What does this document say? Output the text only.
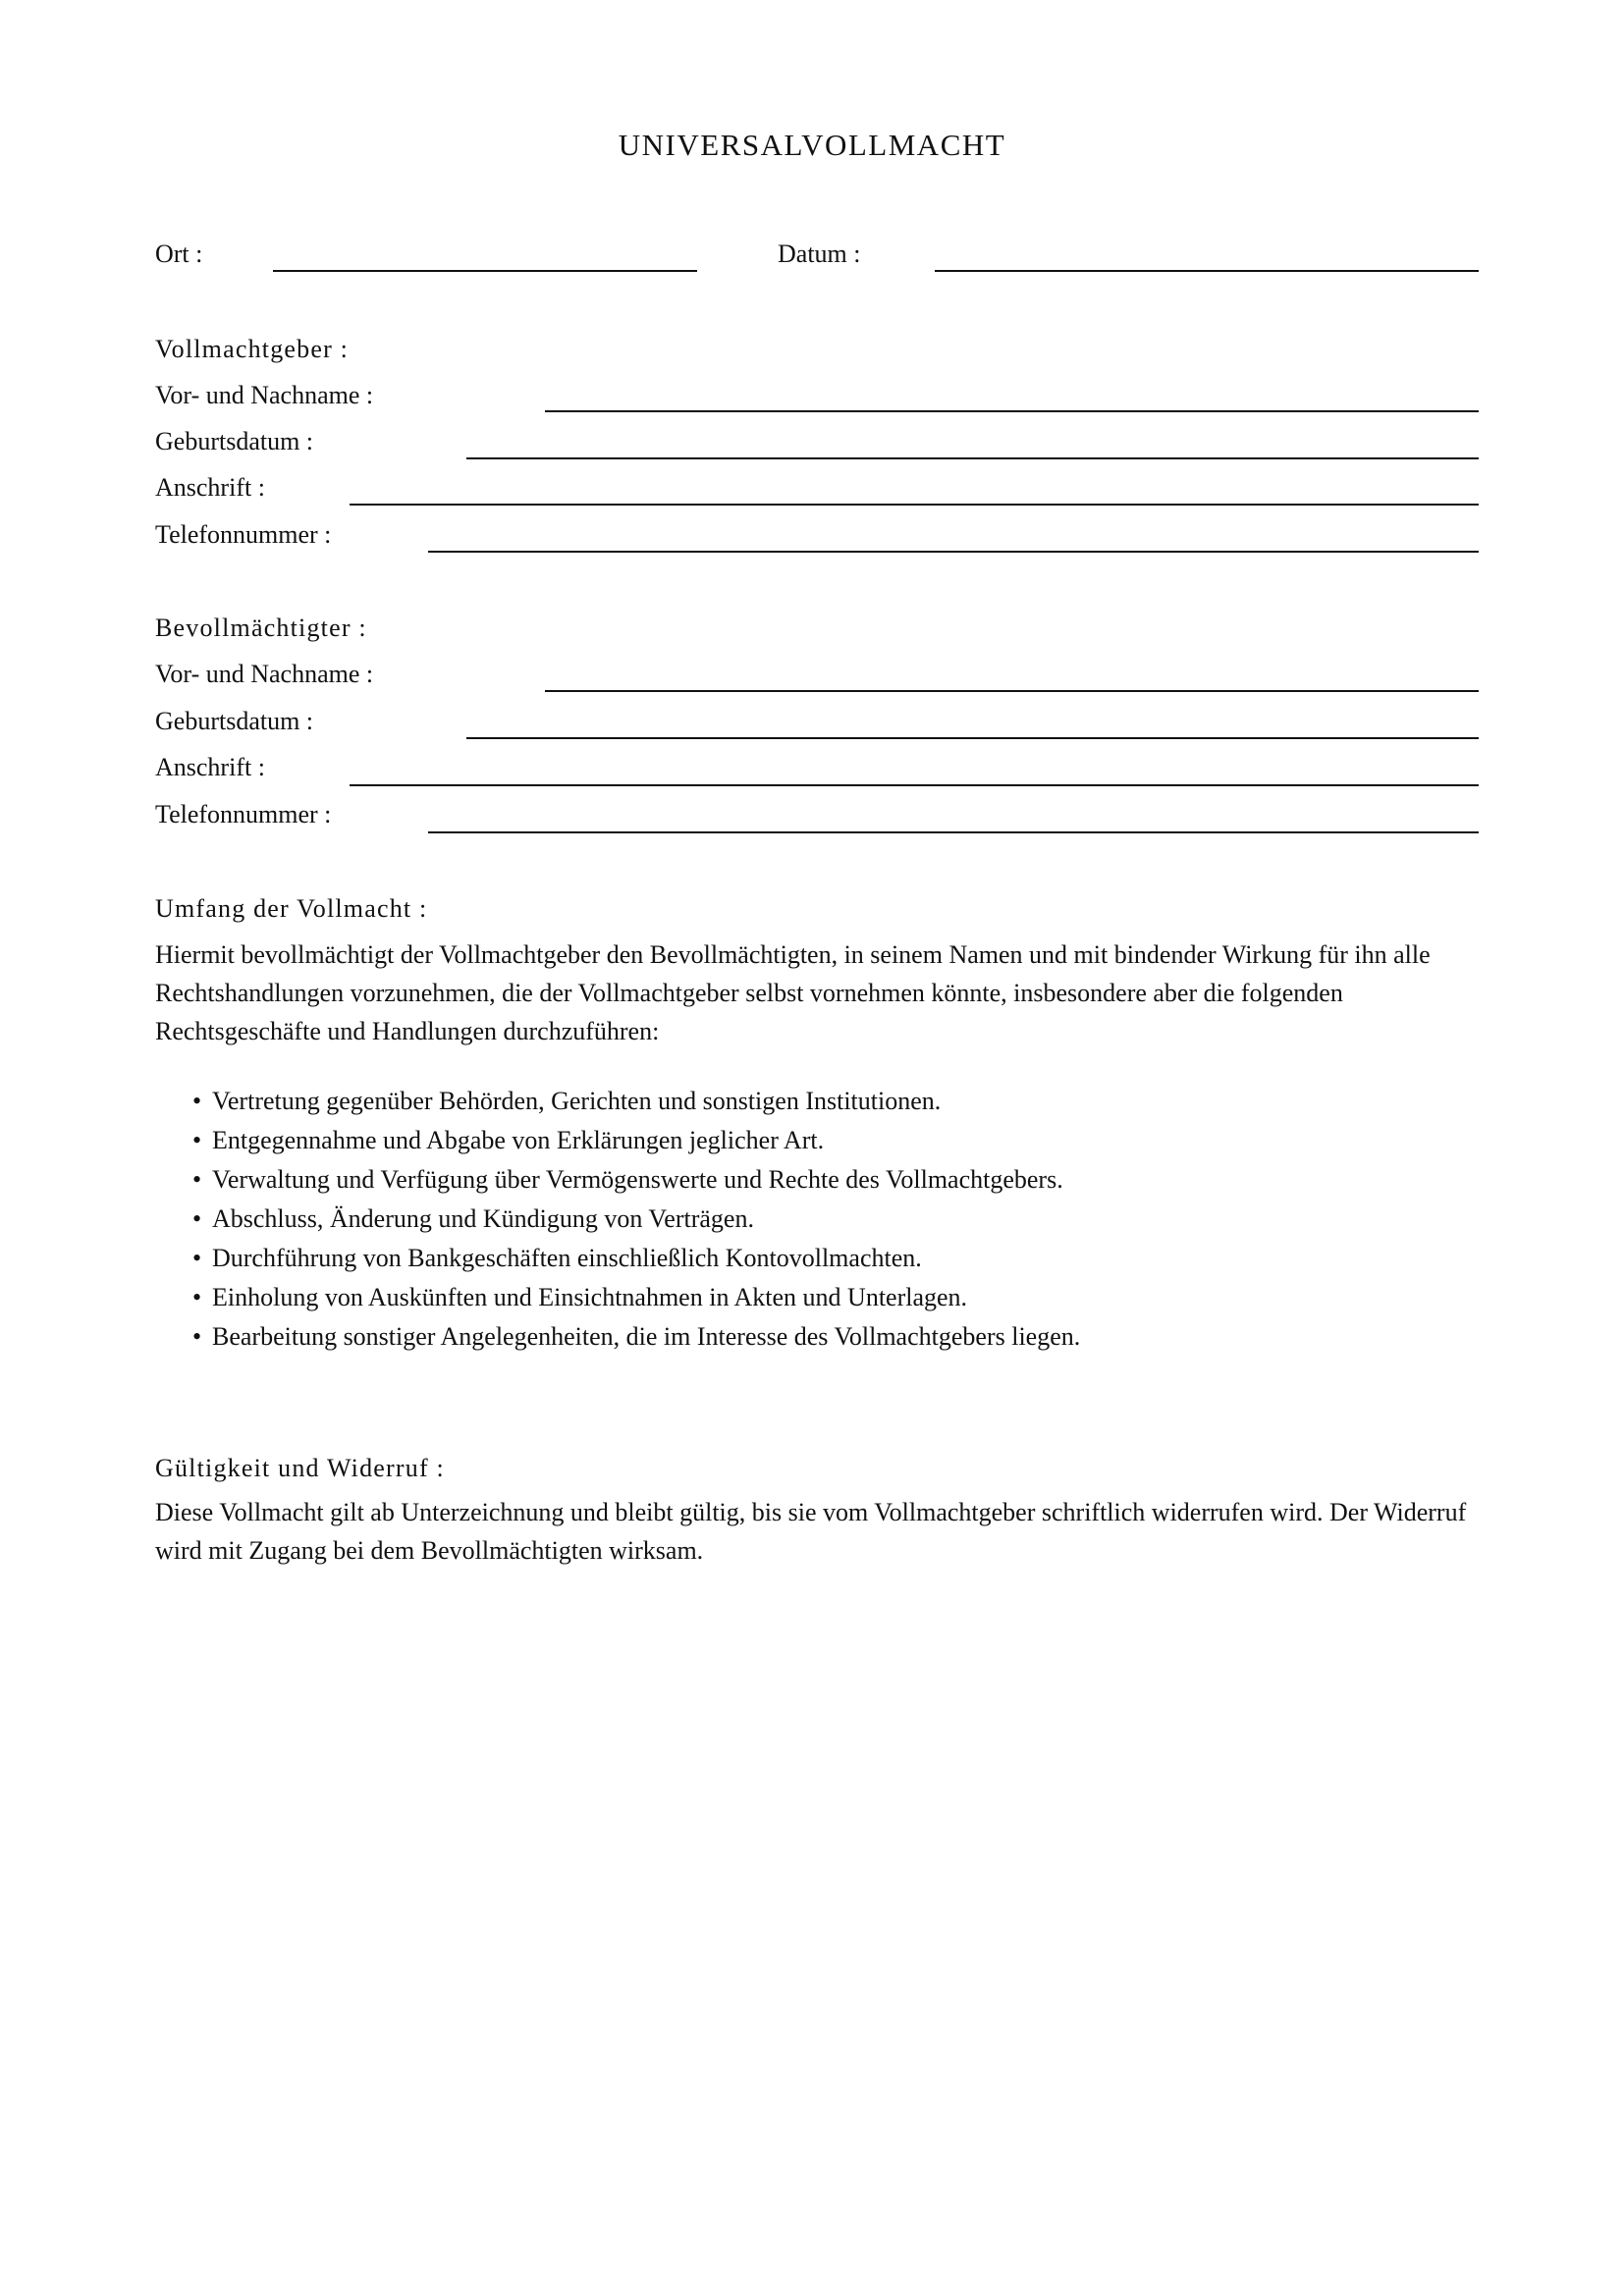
UNIVERSALVOLLMACHT
Ort :	Datum :
Vollmachtgeber :
Vor- und Nachname :
Geburtsdatum :
Anschrift :
Telefonnummer :
Bevollmächtigter :
Vor- und Nachname :
Geburtsdatum :
Anschrift :
Telefonnummer :
Umfang der Vollmacht :

Hiermit bevollmächtigt der Vollmachtgeber den Bevollmächtigten, in seinem Namen und mit bindender Wirkung für ihn alle Rechtshandlungen vorzunehmen, die der Vollmachtgeber selbst vornehmen könnte, insbesondere aber die folgenden Rechtsgeschäfte und Handlungen durchzuführen:

• Vertretung gegenüber Behörden, Gerichten und sonstigen Institutionen.
• Entgegennahme und Abgabe von Erklärungen jeglicher Art.
• Verwaltung und Verfügung über Vermögenswerte und Rechte des Vollmachtgebers.
• Abschluss, Änderung und Kündigung von Verträgen.
• Durchführung von Bankgeschäften einschließlich Kontovollmachten.
• Einholung von Auskünften und Einsichtnahmen in Akten und Unterlagen.
• Bearbeitung sonstiger Angelegenheiten, die im Interesse des Vollmachtgebers liegen.
Gültigkeit und Widerruf :

Diese Vollmacht gilt ab Unterzeichnung und bleibt gültig, bis sie vom Vollmachtgeber schriftlich widerrufen wird. Der Widerruf wird mit Zugang bei dem Bevollmächtigten wirksam.
